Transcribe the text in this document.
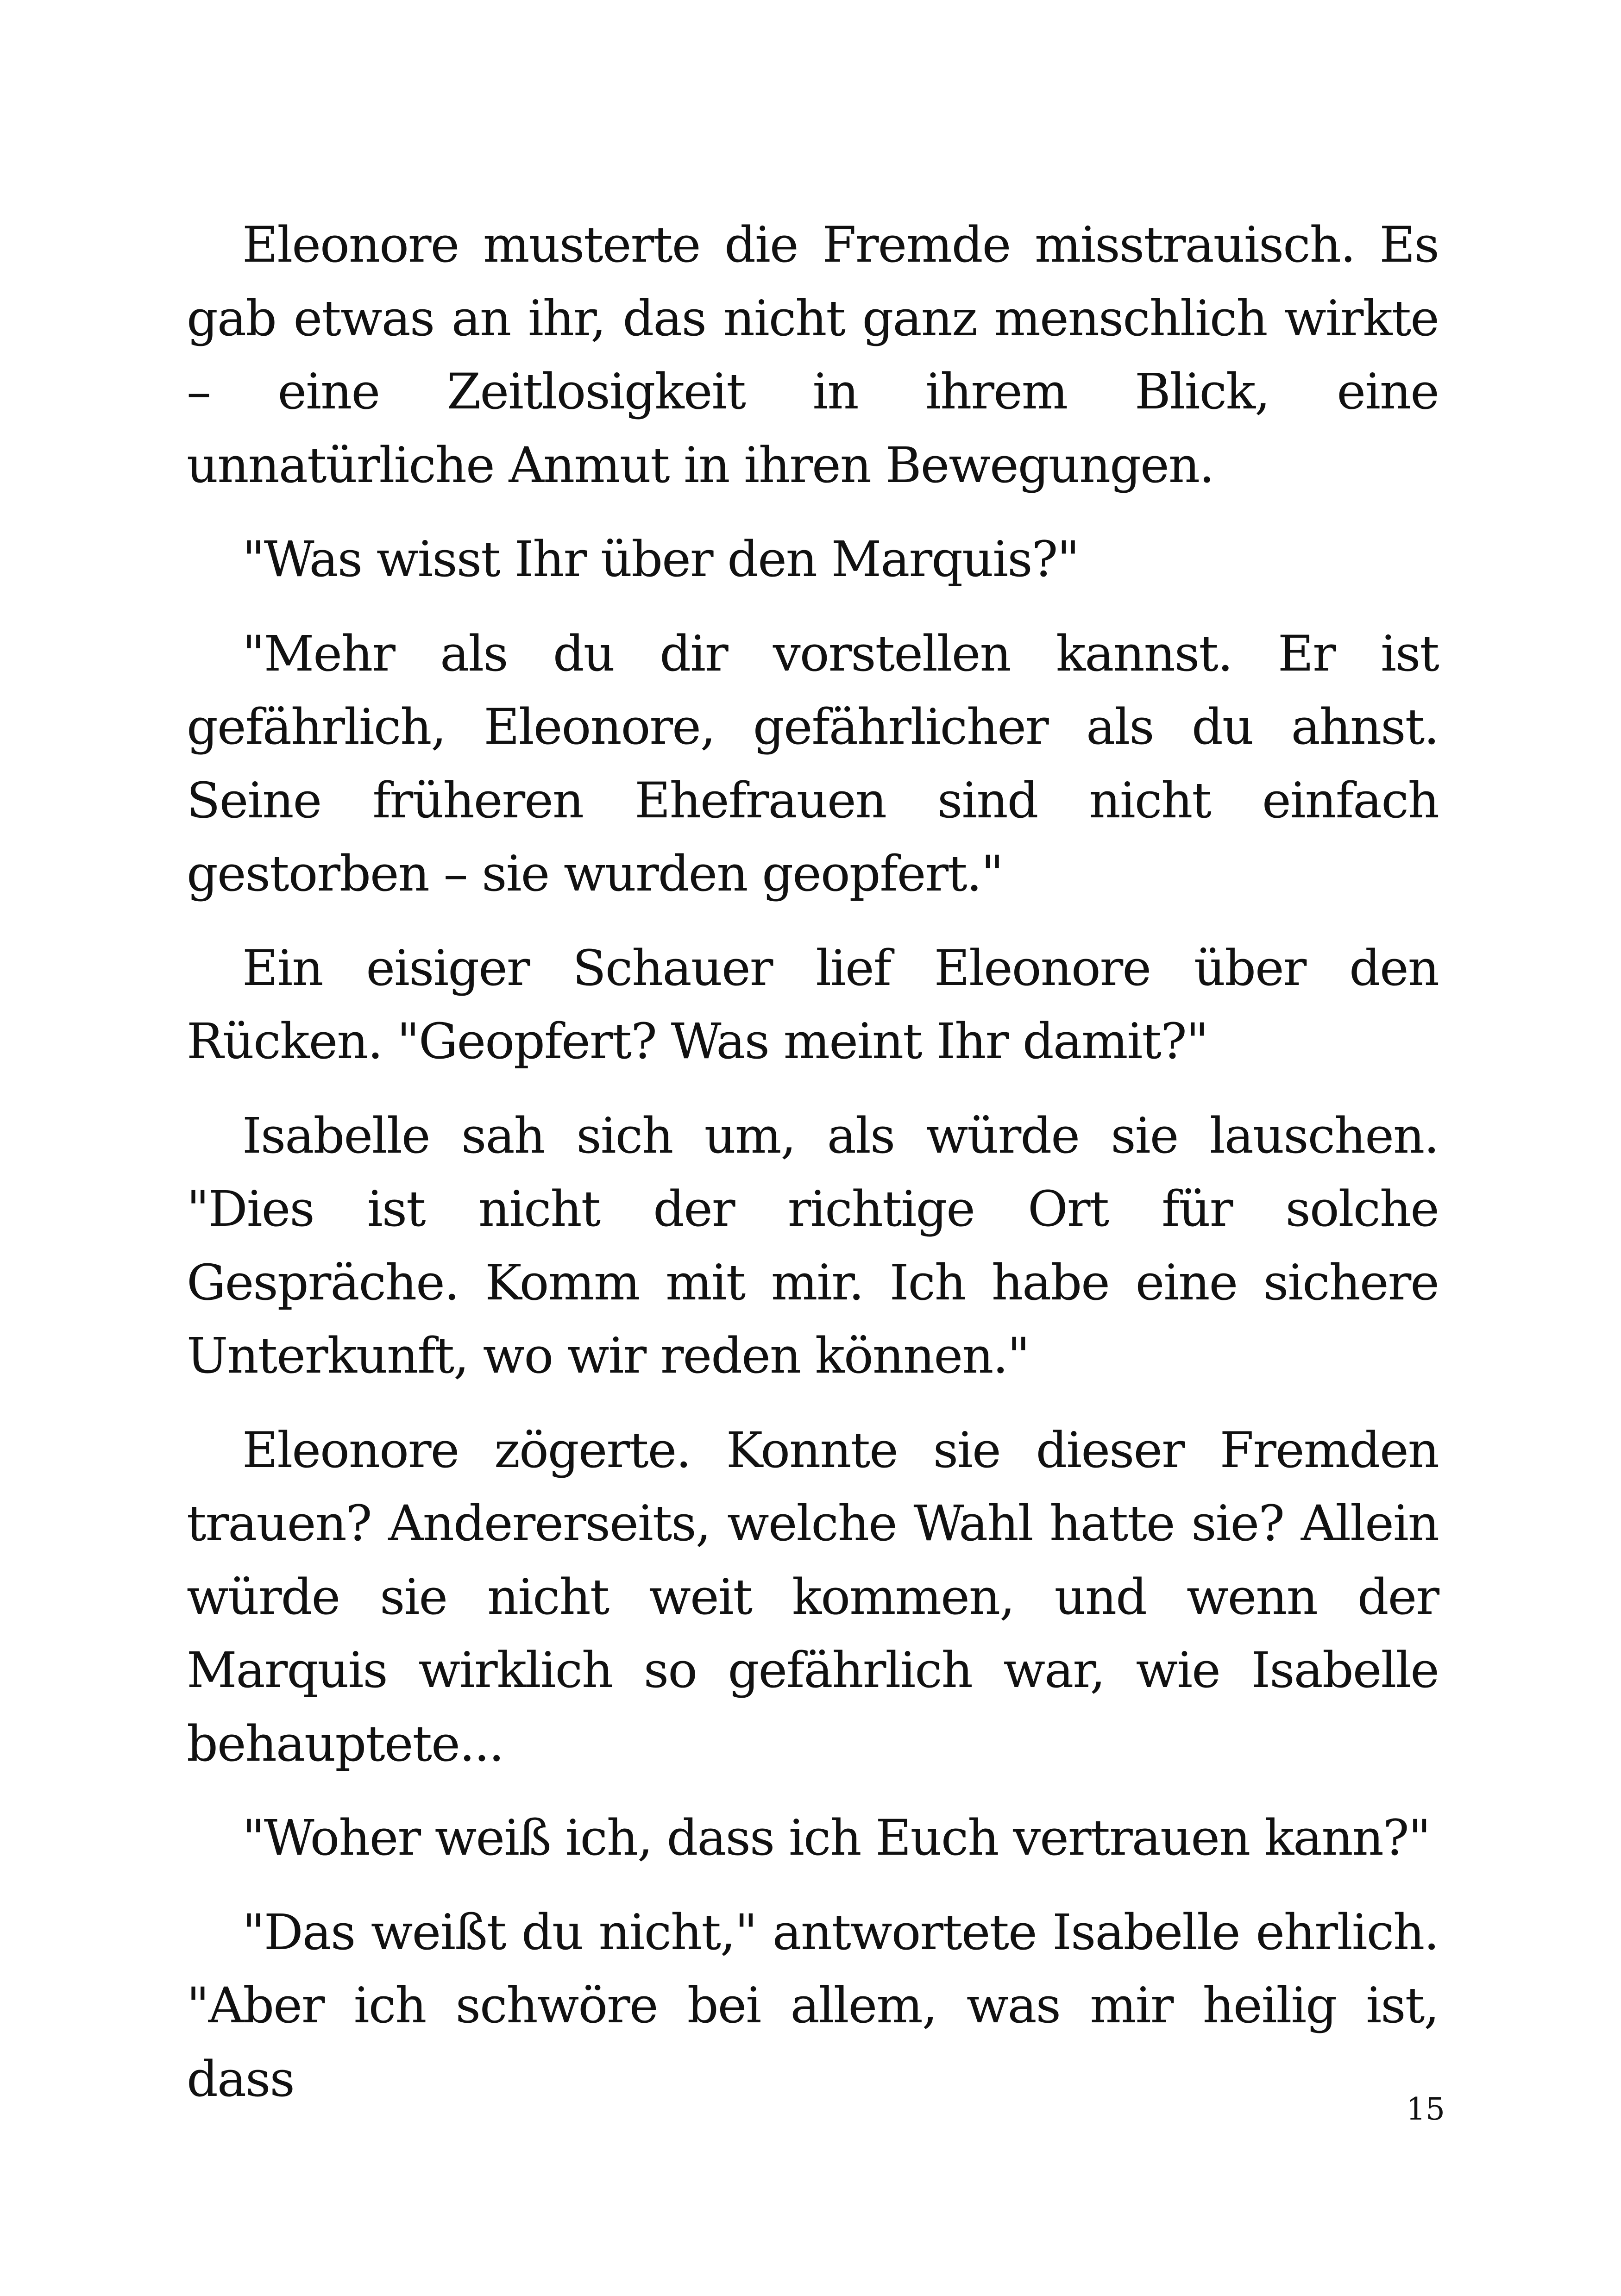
Eleonore musterte die Fremde misstrauisch. Es gab etwas an ihr, das nicht ganz menschlich wirkte – eine Zeitlosigkeit in ihrem Blick, eine unnatürliche Anmut in ihren Bewegungen.

"Was wisst Ihr über den Marquis?"

"Mehr als du dir vorstellen kannst. Er ist gefährlich, Eleonore, gefährlicher als du ahnst. Seine früheren Ehefrauen sind nicht einfach gestorben – sie wurden geopfert."

Ein eisiger Schauer lief Eleonore über den Rücken. "Geopfert? Was meint Ihr damit?"

Isabelle sah sich um, als würde sie lauschen. "Dies ist nicht der richtige Ort für solche Gespräche. Komm mit mir. Ich habe eine sichere Unterkunft, wo wir reden können."

Eleonore zögerte. Konnte sie dieser Fremden trauen? Andererseits, welche Wahl hatte sie? Allein würde sie nicht weit kommen, und wenn der Marquis wirklich so gefährlich war, wie Isabelle behauptete...

"Woher weiß ich, dass ich Euch vertrauen kann?"

"Das weißt du nicht," antwortete Isabelle ehrlich. "Aber ich schwöre bei allem, was mir heilig ist, dass

15
